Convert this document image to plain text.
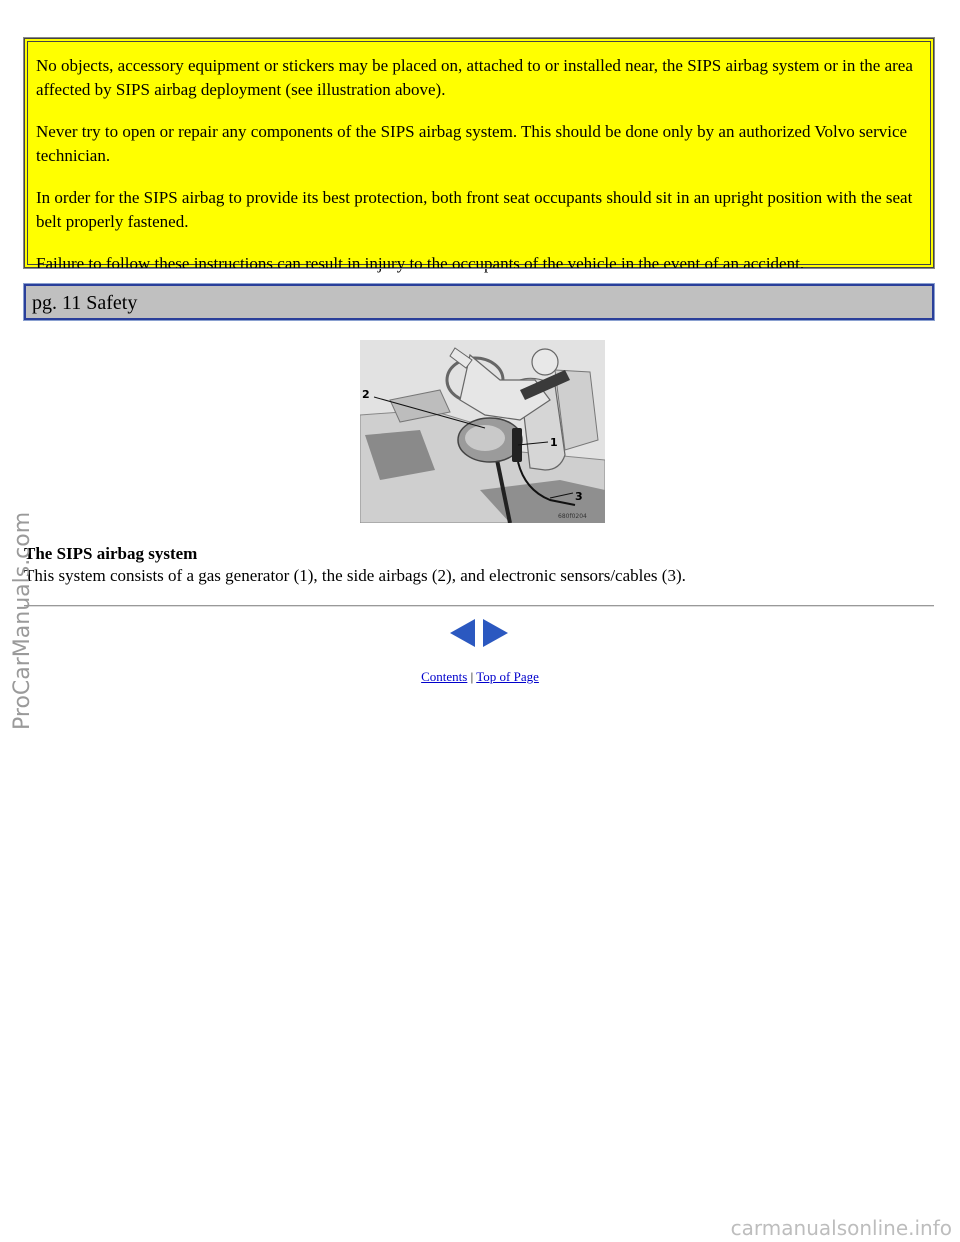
No objects, accessory equipment or stickers may be placed on, attached to or installed near, the SIPS airbag system or in the area affected by SIPS airbag deployment (see illustration above).

Never try to open or repair any components of the SIPS airbag system. This should be done only by an authorized Volvo service technician.

In order for the SIPS airbag to provide its best protection, both front seat occupants should sit in an upright position with the seat belt properly fastened.

Failure to follow these instructions can result in injury to the occupants of the vehicle in the event of an accident.

pg. 11 Safety
2
1
3
680f0204

The SIPS airbag system

This system consists of a gas generator (1), the side airbags (2), and electronic sensors/cables (3).

Contents | Top of Page
ProCarManuals.com
carmanualsonline.info
